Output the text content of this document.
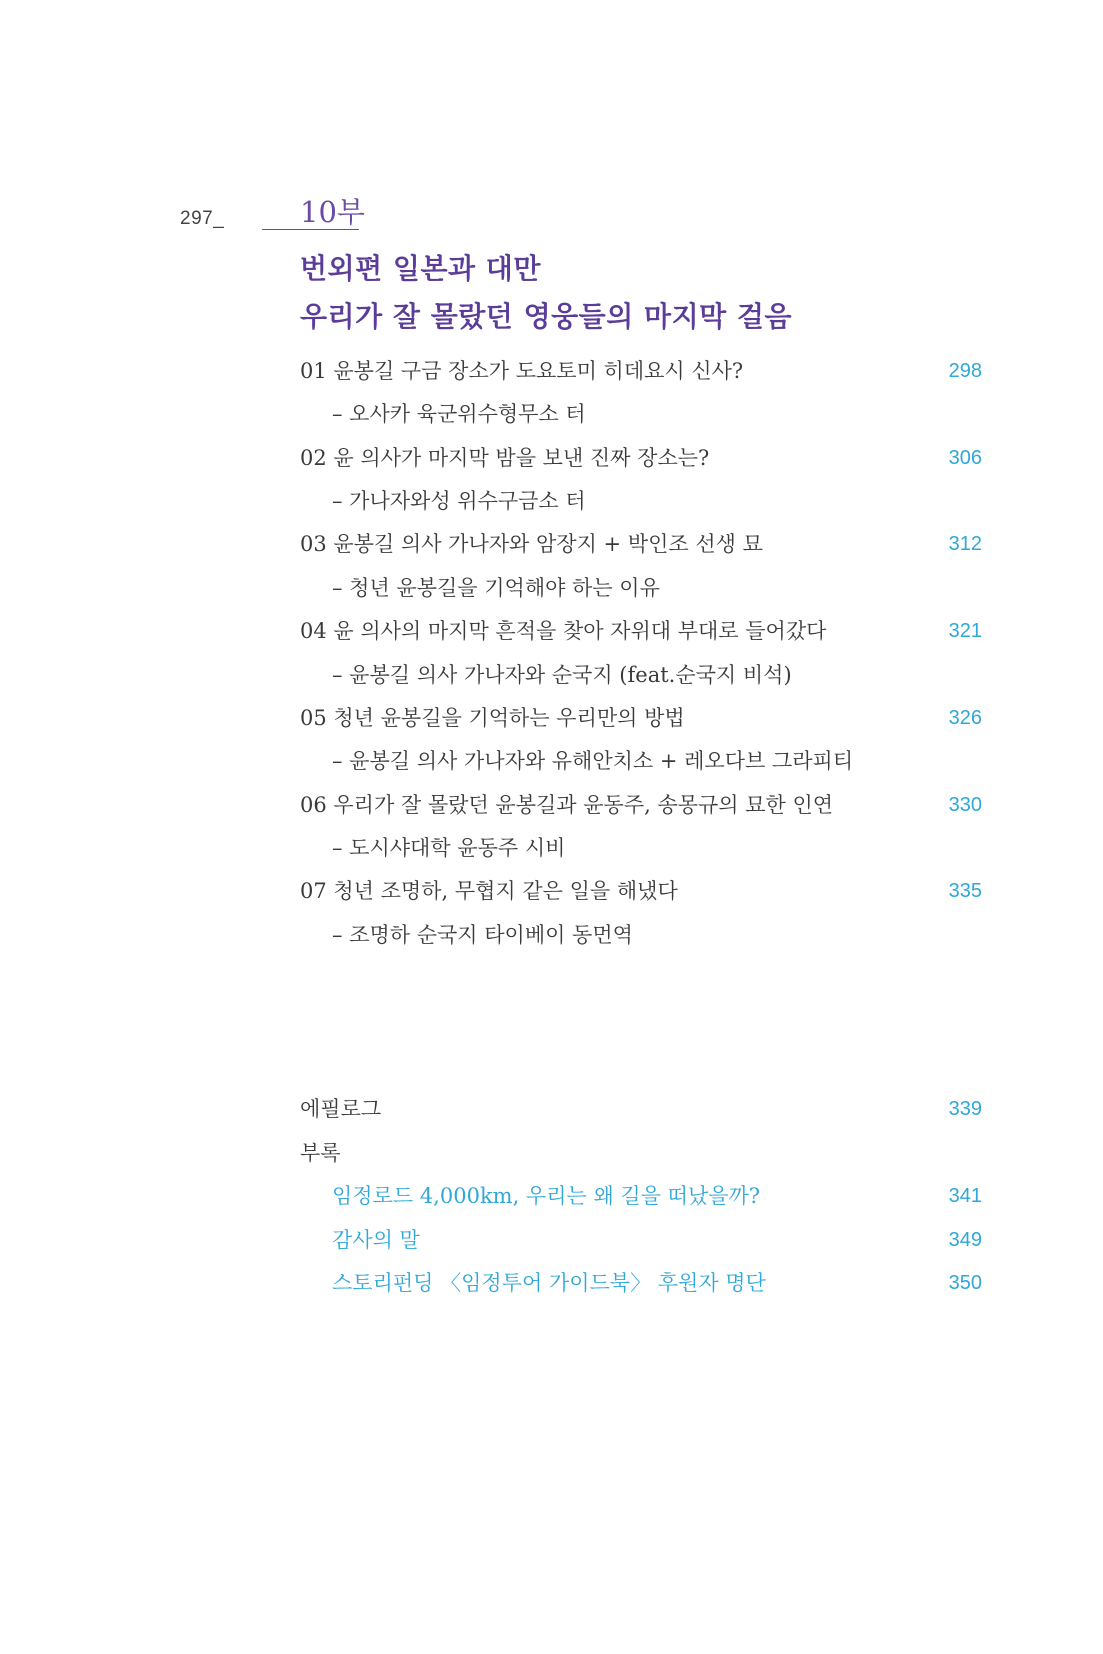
297_	10부
번외편 일본과 대만
우리가 잘 몰랐던 영웅들의 마지막 걸음
01 윤봉길 구금 장소가 도요토미 히데요시 신사?	298
– 오사카 육군위수형무소 터
02 윤 의사가 마지막 밤을 보낸 진짜 장소는?	306
– 가나자와성 위수구금소 터
03 윤봉길 의사 가나자와 암장지 + 박인조 선생 묘	312
– 청년 윤봉길을 기억해야 하는 이유
04 윤 의사의 마지막 흔적을 찾아 자위대 부대로 들어갔다	321
– 윤봉길 의사 가나자와 순국지 (feat.순국지 비석)
05 청년 윤봉길을 기억하는 우리만의 방법	326
– 윤봉길 의사 가나자와 유해안치소 + 레오다브 그라피티
06 우리가 잘 몰랐던 윤봉길과 윤동주, 송몽규의 묘한 인연	330
– 도시샤대학 윤동주 시비
07 청년 조명하, 무협지 같은 일을 해냈다	335
– 조명하 순국지 타이베이 동먼역
에필로그	339
부록
임정로드 4,000km, 우리는 왜 길을 떠났을까?	341
감사의 말	349
스토리펀딩 〈임정투어 가이드북〉 후원자 명단	350
